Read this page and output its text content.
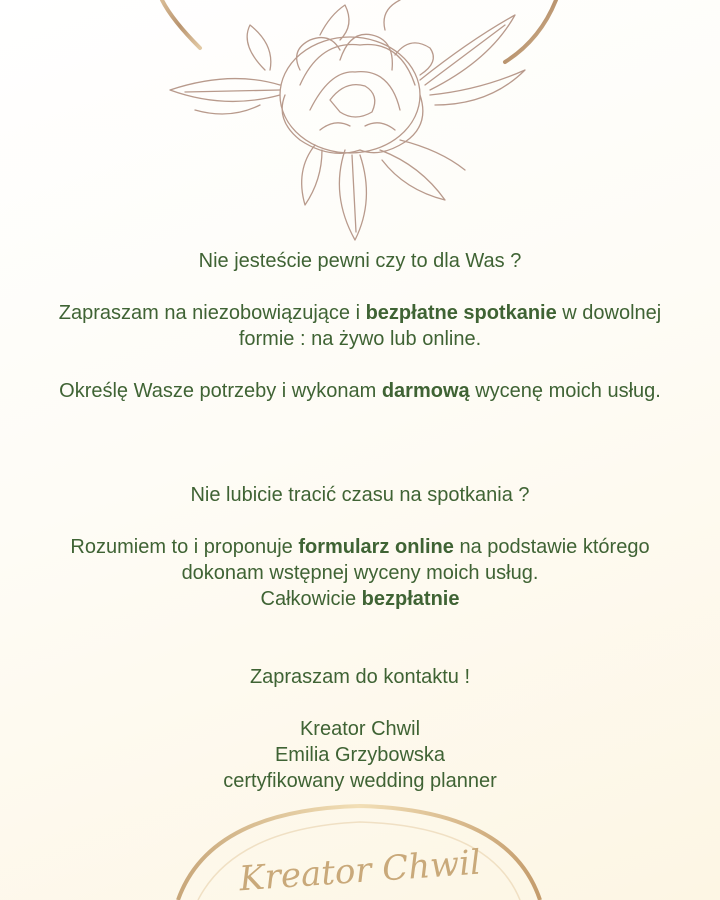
Nie jesteście pewni czy to dla Was ?

Zapraszam na niezobowiązujące i bezpłatne spotkanie w dowolnej formie : na żywo lub online.

Określę Wasze potrzeby i wykonam darmową wycenę moich usług.

Nie lubicie tracić czasu na spotkania ?

Rozumiem to i proponuje formularz online na podstawie którego dokonam wstępnej wyceny moich usług.

Całkowicie bezpłatnie

Zapraszam do kontaktu !

Kreator Chwil

Emilia Grzybowska

certyfikowany wedding planner

Kreator Chwil
